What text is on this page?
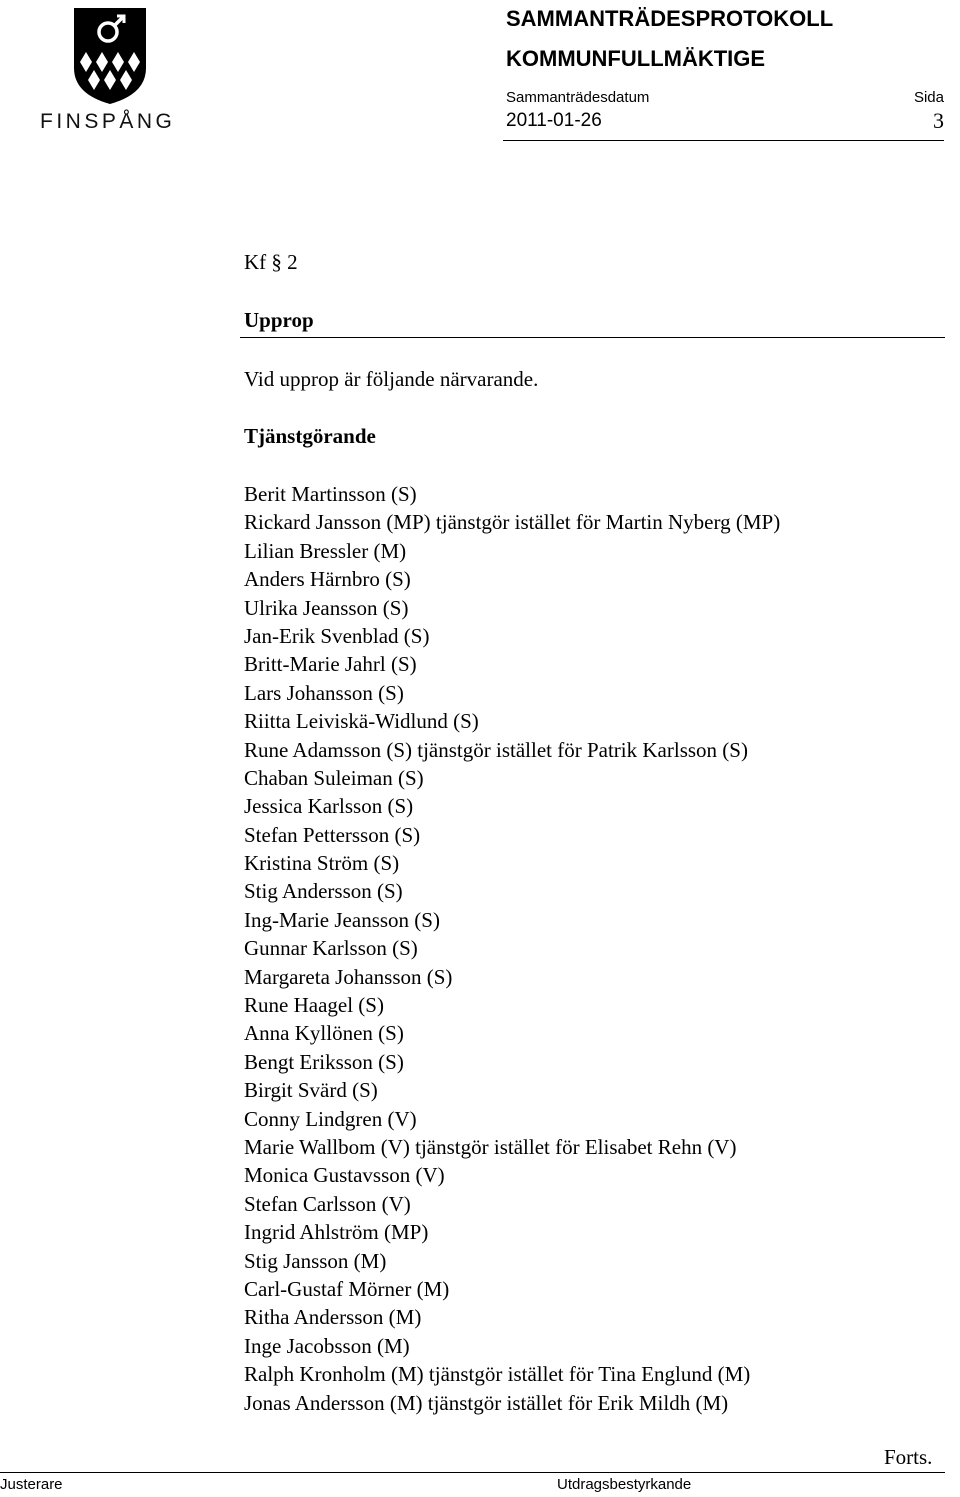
FINSPÅNG
SAMMANTRÄDESPROTOKOLL
KOMMUNFULLMÄKTIGE
Sammanträdesdatum	Sida
2011-01-26	3
Kf § 2
Upprop
Vid upprop är följande närvarande.
Tjänstgörande
Berit Martinsson (S)
Rickard Jansson (MP) tjänstgör istället för Martin Nyberg (MP)
Lilian Bressler (M)
Anders Härnbro (S)
Ulrika Jeansson (S)
Jan-Erik Svenblad (S)
Britt-Marie Jahrl (S)
Lars Johansson (S)
Riitta Leiviskä-Widlund (S)
Rune Adamsson (S) tjänstgör istället för Patrik Karlsson (S)
Chaban Suleiman (S)
Jessica Karlsson (S)
Stefan Pettersson (S)
Kristina Ström (S)
Stig Andersson (S)
Ing-Marie Jeansson (S)
Gunnar Karlsson (S)
Margareta Johansson (S)
Rune Haagel (S)
Anna Kyllönen (S)
Bengt Eriksson (S)
Birgit Svärd (S)
Conny Lindgren (V)
Marie Wallbom (V) tjänstgör istället för Elisabet Rehn (V)
Monica Gustavsson (V)
Stefan Carlsson (V)
Ingrid Ahlström (MP)
Stig Jansson (M)
Carl-Gustaf Mörner (M)
Ritha Andersson (M)
Inge Jacobsson (M)
Ralph Kronholm (M) tjänstgör istället för Tina Englund (M)
Jonas Andersson (M) tjänstgör istället för Erik Mildh (M)
Forts.
Justerare	Utdragsbestyrkande
